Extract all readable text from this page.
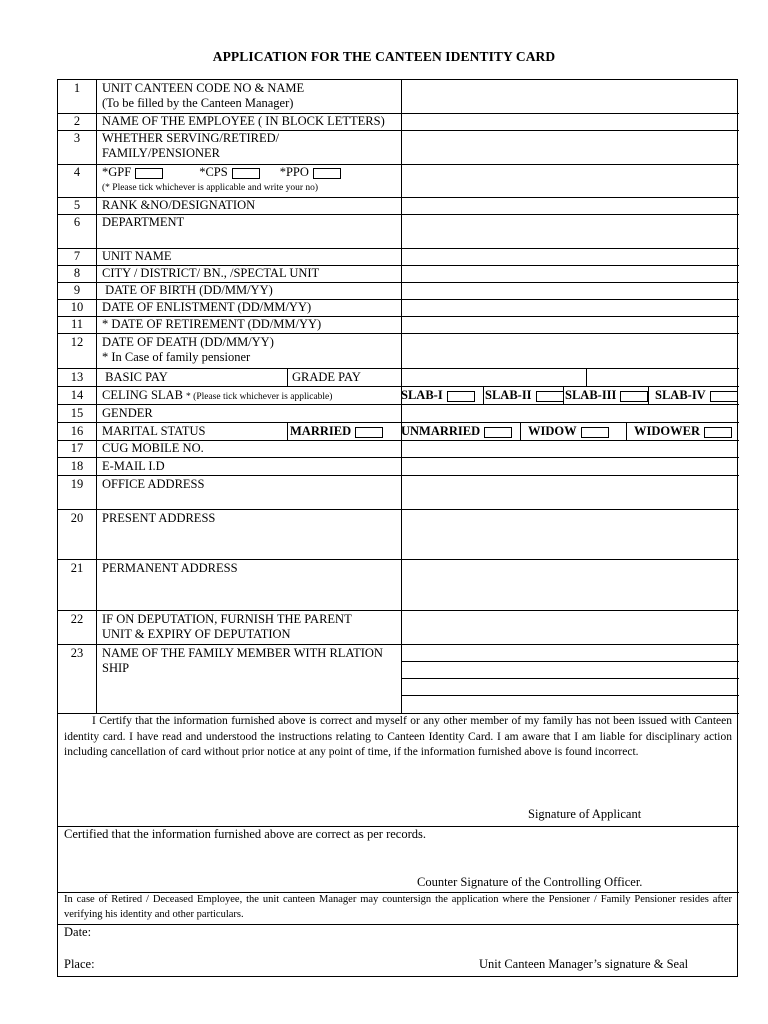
APPLICATION FOR THE CANTEEN IDENTITY CARD
1	UNIT CANTEEN CODE NO & NAME
(To be filled by the Canteen Manager)
2	NAME OF THE EMPLOYEE ( IN BLOCK LETTERS)
3	WHETHER SERVING/RETIRED/
FAMILY/PENSIONER
4	*GPF	*CPS	*PPO
(* Please tick whichever is applicable and write your no)
5	RANK &NO/DESIGNATION
6	DEPARTMENT
7	UNIT NAME
8	CITY / DISTRICT/ BN., /SPECTAL UNIT
9	DATE OF BIRTH (DD/MM/YY)
10	DATE OF ENLISTMENT (DD/MM/YY)
11	* DATE OF RETIREMENT (DD/MM/YY)
12	DATE OF DEATH (DD/MM/YY)
* In Case of family pensioner
13	BASIC PAY	GRADE PAY
14	CELING SLAB * (Please tick whichever is applicable)	SLAB-I	SLAB-II	SLAB-III	SLAB-IV
15	GENDER
16	MARITAL STATUS	MARRIED	UNMARRIED	WIDOW	WIDOWER
17	CUG MOBILE NO.
18	E-MAIL I.D
19	OFFICE ADDRESS
20	PRESENT ADDRESS
21	PERMANENT ADDRESS
22	IF ON DEPUTATION, FURNISH THE PARENT
UNIT & EXPIRY OF DEPUTATION
23	NAME OF THE FAMILY MEMBER WITH RLATION
SHIP
I Certify that the information furnished above is correct and myself or any other member of my family has not been issued with Canteen identity card. I have read and understood the instructions relating to Canteen Identity Card. I am aware that I am liable for disciplinary action including cancellation of card without prior notice at any point of time, if the information furnished above is found incorrect.
Signature of Applicant
Certified that the information furnished above are correct as per records.
Counter Signature of the Controlling Officer.
In case of Retired / Deceased Employee, the unit canteen Manager may countersign the application where the Pensioner / Family Pensioner resides after verifying his identity and other particulars.
Date:
Place:	Unit Canteen Manager’s signature & Seal
